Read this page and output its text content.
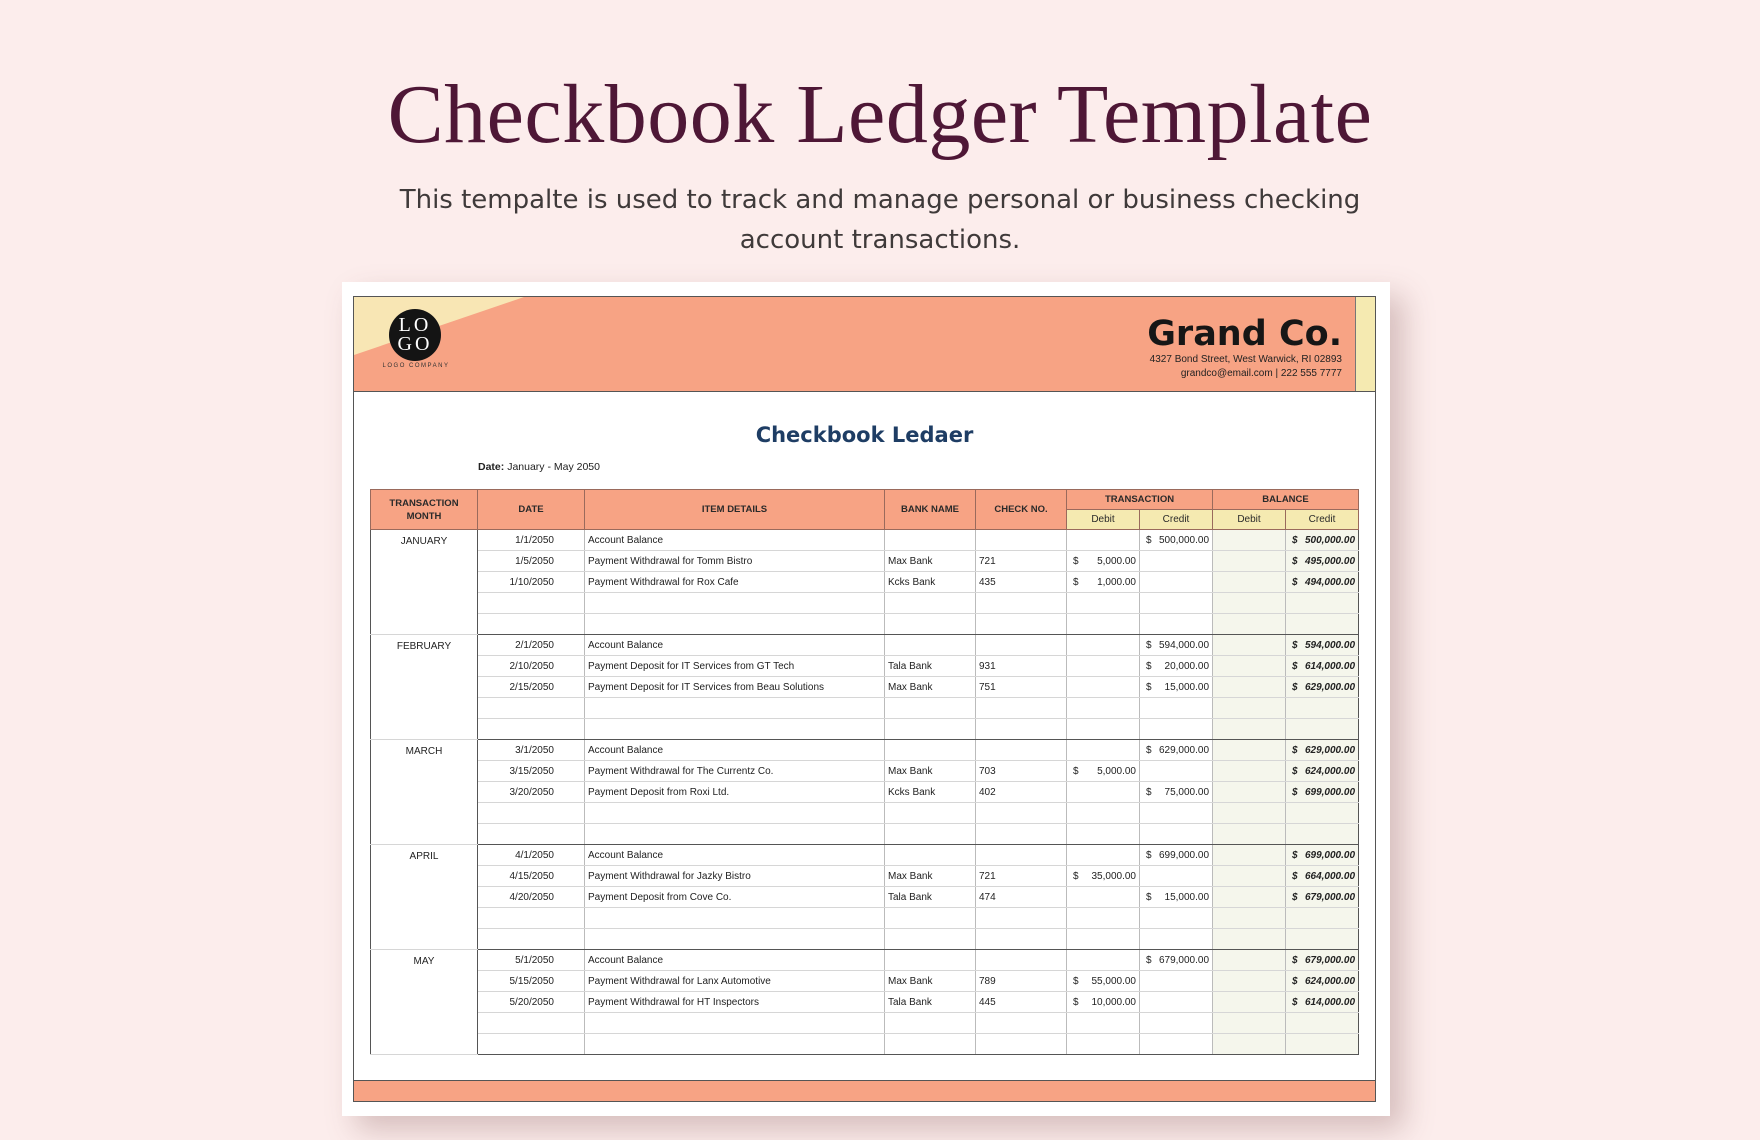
Checkbook Ledger Template

This tempalte is used to track and manage personal or business checking account transactions.

LO
GO
LOGO COMPANY

Grand Co.

4327 Bond Street, West Warwick, RI 02893

grandco@email.com | 222 555 7777

Checkbook Ledaer
Date: January - May 2050
TRANSACTION MONTH	DATE	ITEM DETAILS	BANK NAME	CHECK NO.	TRANSACTION		BALANCE	
					Debit	Credit	Debit	Credit
JANUARY	1/1/2050	Account Balance				$ 500,000.00		$ 500,000.00

	1/5/2050	Payment Withdrawal for Tomm Bistro	Max Bank	721	$ 5,000.00			$ 495,000.00

	1/10/2050	Payment Withdrawal for Rox Cafe	Kcks Bank	435	$ 1,000.00			$ 494,000.00

FEBRUARY	2/1/2050	Account Balance				$ 594,000.00		$ 594,000.00

	2/10/2050	Payment Deposit for IT Services from GT Tech	Tala Bank	931		$ 20,000.00		$ 614,000.00

	2/15/2050	Payment Deposit for IT Services from Beau Solutions	Max Bank	751		$ 15,000.00		$ 629,000.00

MARCH	3/1/2050	Account Balance				$ 629,000.00		$ 629,000.00

	3/15/2050	Payment Withdrawal for The Currentz Co.	Max Bank	703	$ 5,000.00			$ 624,000.00

	3/20/2050	Payment Deposit from Roxi Ltd.	Kcks Bank	402		$ 75,000.00		$ 699,000.00

APRIL	4/1/2050	Account Balance				$ 699,000.00		$ 699,000.00

	4/15/2050	Payment Withdrawal for Jazky Bistro	Max Bank	721	$ 35,000.00			$ 664,000.00

	4/20/2050	Payment Deposit from Cove Co.	Tala Bank	474		$ 15,000.00		$ 679,000.00

MAY	5/1/2050	Account Balance				$ 679,000.00		$ 679,000.00

	5/15/2050	Payment Withdrawal for Lanx Automotive	Max Bank	789	$ 55,000.00			$ 624,000.00

	5/20/2050	Payment Withdrawal for HT Inspectors	Tala Bank	445	$ 10,000.00			$ 614,000.00
